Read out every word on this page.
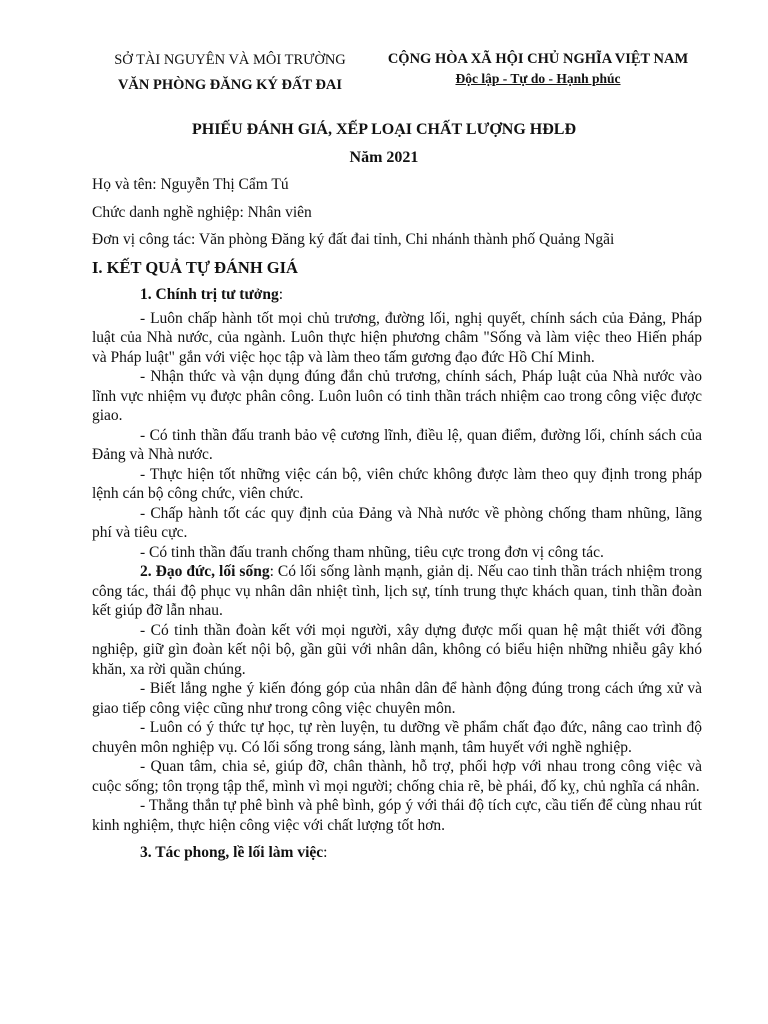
SỞ TÀI NGUYÊN VÀ MÔI TRƯỜNG
VĂN PHÒNG ĐĂNG KÝ ĐẤT ĐAI
CỘNG HÒA XÃ HỘI CHỦ NGHĨA VIỆT NAM
Độc lập - Tự do - Hạnh phúc
PHIẾU ĐÁNH GIÁ, XẾP LOẠI CHẤT LƯỢNG HĐLĐ
Năm 2021
Họ và tên: Nguyễn Thị Cẩm Tú
Chức danh nghề nghiệp: Nhân viên
Đơn vị công tác: Văn phòng Đăng ký đất đai tỉnh, Chi nhánh thành phố Quảng Ngãi
I. KẾT QUẢ TỰ ĐÁNH GIÁ
1. Chính trị tư tưởng:

- Luôn chấp hành tốt mọi chủ trương, đường lối, nghị quyết, chính sách của Đảng, Pháp luật của Nhà nước, của ngành. Luôn thực hiện phương châm "Sống và làm việc theo Hiến pháp và Pháp luật" gắn với việc học tập và làm theo tấm gương đạo đức Hồ Chí Minh.

- Nhận thức và vận dụng đúng đắn chủ trương, chính sách, Pháp luật của Nhà nước vào lĩnh vực nhiệm vụ được phân công. Luôn luôn có tinh thần trách nhiệm cao trong công việc được giao.

- Có tinh thần đấu tranh bảo vệ cương lĩnh, điều lệ, quan điểm, đường lối, chính sách của Đảng và Nhà nước.

- Thực hiện tốt những việc cán bộ, viên chức không được làm theo quy định trong pháp lệnh cán bộ công chức, viên chức.

- Chấp hành tốt các quy định của Đảng và Nhà nước về phòng chống tham nhũng, lãng phí và tiêu cực.

- Có tinh thần đấu tranh chống tham nhũng, tiêu cực trong đơn vị công tác.

2. Đạo đức, lối sống: Có lối sống lành mạnh, giản dị. Nếu cao tinh thần trách nhiệm trong công tác, thái độ phục vụ nhân dân nhiệt tình, lịch sự, tính trung thực khách quan, tinh thần đoàn kết giúp đỡ lẫn nhau.

- Có tinh thần đoàn kết với mọi người, xây dựng được mối quan hệ mật thiết với đồng nghiệp, giữ gìn đoàn kết nội bộ, gần gũi với nhân dân, không có biểu hiện những nhiễu gây khó khăn, xa rời quần chúng.

- Biết lắng nghe ý kiến đóng góp của nhân dân để hành động đúng trong cách ứng xử và giao tiếp công việc cũng như trong công việc chuyên môn.

- Luôn có ý thức tự học, tự rèn luyện, tu dưỡng về phẩm chất đạo đức, nâng cao trình độ chuyên môn nghiệp vụ. Có lối sống trong sáng, lành mạnh, tâm huyết với nghề nghiệp.

- Quan tâm, chia sẻ, giúp đỡ, chân thành, hỗ trợ, phối hợp với nhau trong công việc và cuộc sống; tôn trọng tập thể, mình vì mọi người; chống chia rẽ, bè phái, đố kỵ, chủ nghĩa cá nhân.

- Thẳng thắn tự phê bình và phê bình, góp ý với thái độ tích cực, cầu tiến để cùng nhau rút kinh nghiệm, thực hiện công việc với chất lượng tốt hơn.

3. Tác phong, lề lối làm việc:
